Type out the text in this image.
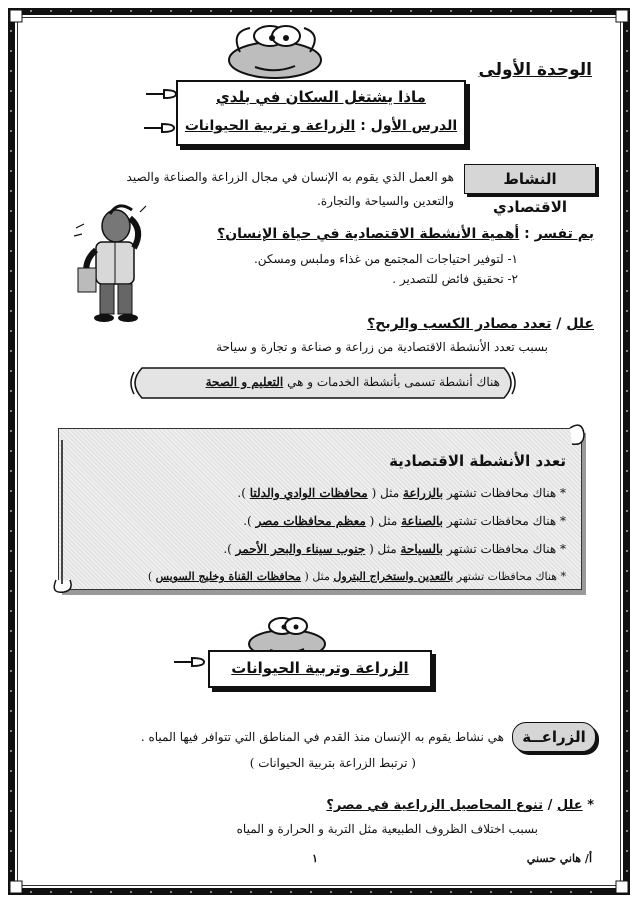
الوحدة الأولى
ماذا يشتغل السكان في بلدي
الدرس الأول : الزراعة و تربية الحيوانات
النشاط الاقتصادي
هو العمل الذي يقوم به الإنسان في مجال الزراعة والصناعة والصيد
والتعدين والسياحة والتجارة.
بم تفسر : أهمية الأنشطة الاقتصادية في حياة الإنسان؟
١- لتوفير احتياجات المجتمع من غذاء وملبس ومسكن.
٢- تحقيق فائض للتصدير .
علل / تعدد مصادر الكسب والربح؟
بسبب تعدد الأنشطة الاقتصادية من زراعة و صناعة و تجارة و سياحة
هناك أنشطة تسمى بأنشطة الخدمات و هي التعليم و الصحة
تعدد الأنشطة الاقتصادية
* هناك محافظات تشتهر بالزراعة مثل ( محافظات الوادي والدلتا ).
* هناك محافظات تشتهر بالصناعة مثل ( معظم محافظات مصر ).
* هناك محافظات تشتهر بالسياحة مثل ( جنوب سيناء والبحر الأحمر ).
* هناك محافظات تشتهر بالتعدين واستخراج البترول مثل ( محافظات القناة وخليج السويس )
الزراعة وتربية الحيوانات
الزراعــة
هي نشاط يقوم به الإنسان منذ القدم في المناطق التي تتوافر فيها المياه .
( ترتبط الزراعة بتربية الحيوانات )
* علل / تنوع المحاصيل الزراعية في مصر؟
بسبب اختلاف الظروف الطبيعية مثل التربة و الحرارة و المياه
أ/ هاني حسني
١
